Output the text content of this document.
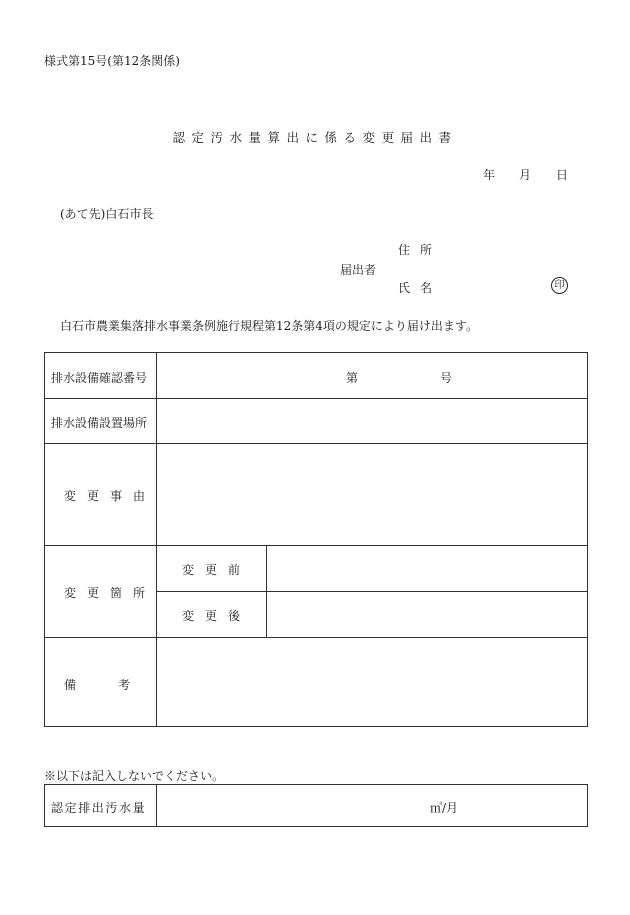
様式第15号(第12条関係)
認定汚水量算出に係る変更届出書
年 月 日
(あて先)白石市長
住所
届出者
氏名	印
白石市農業集落排水事業条例施行規程第12条第4項の規定により届け出ます。
排水設備確認番号	第	号
排水設備設置場所
変更事由
変更箇所
変更前
変更後
備考
※以下は記入しないでください。
認定排出汚水量	㎥/月
